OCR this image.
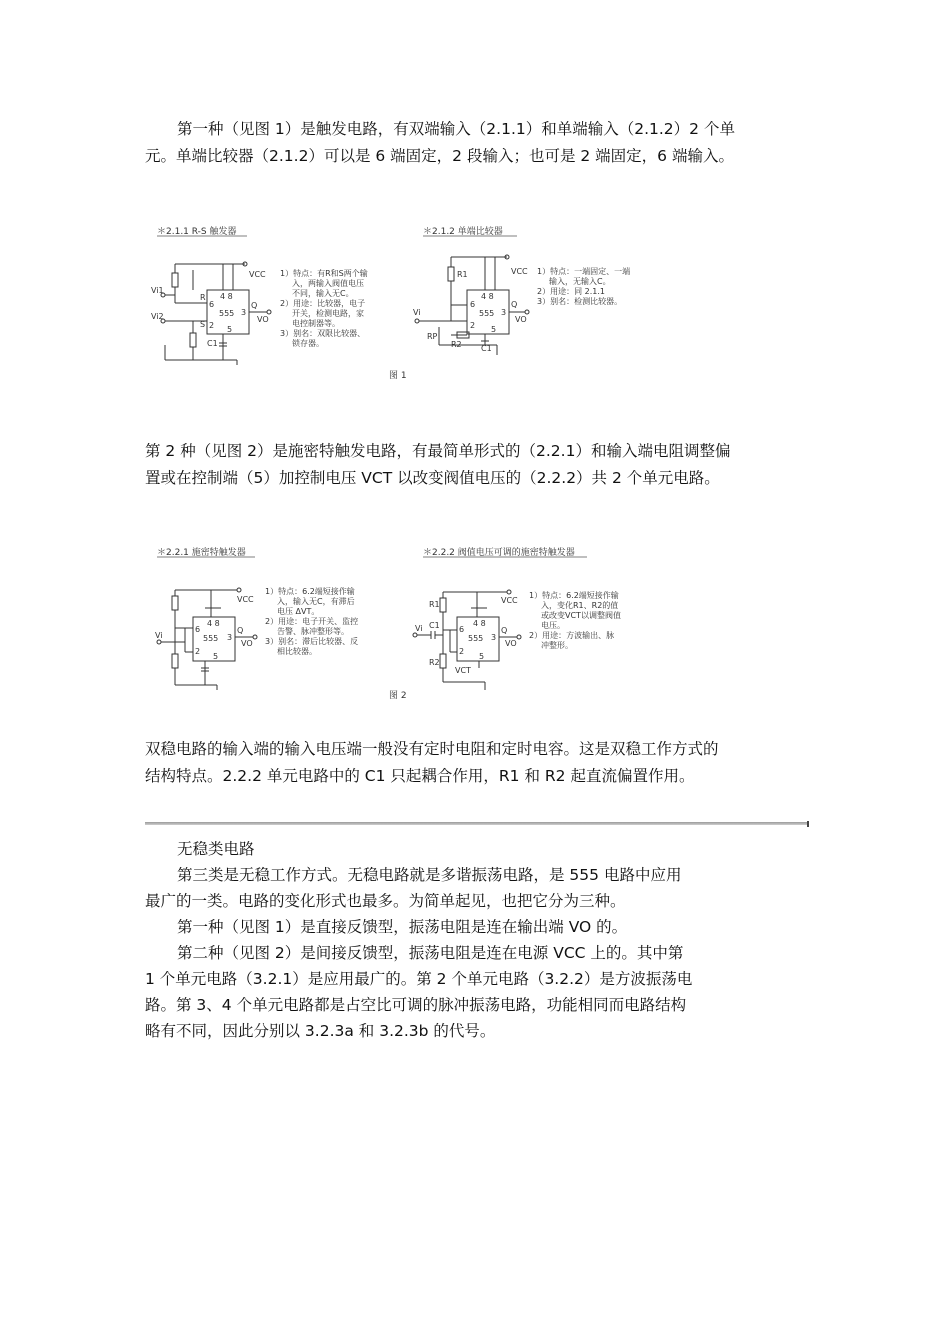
第一种（见图 1）是触发电路，有双端输入（2.1.1）和单端输入（2.1.2）2 个单
元。单端比较器（2.1.2）可以是 6 端固定，2 段输入；也可是 2 端固定，6 端输入。
＊2.1.1 R-S 触发器
VCC
Vi1
Vi2
R
S
4 8
6
2 5
3
555
Q
VO
C1
1）特点：有R和S两个输
入，两输入阀值电压
不同，输入无C。
2）用途：比较器，电子
开关，检测电路，家
电控制器等。
3）别名：双限比较器、
锁存器。
＊2.1.2 单端比较器
VCC
Vi
R1
RP
R2 C1
4 8
6
2 5
3
555
Q
VO
1）特点：一端固定、一端
输入，无输入C。
2）用途：同 2.1.1
3）别名：检测比较器。
图 1
第 2 种（见图 2）是施密特触发电路，有最简单形式的（2.2.1）和输入端电阻调整偏
置或在控制端（5）加控制电压 VCT 以改变阀值电压的（2.2.2）共 2 个单元电路。
＊2.2.1 施密特触发器
VCC
Vi
4 8
6
2
5
3
555
Q
VO
1）特点：6.2端短接作输
入，输入无C，有滞后
电压 ΔVT。
2）用途：电子开关、监控
告警、脉冲整形等。
3）别名：滞后比较器、反
相比较器。
＊2.2.2 阀值电压可调的施密特触发器
VCC
Vi
R1
C1
R2
VCT
4 8
6
2
5
3
555
Q
VO
1）特点：6.2端短接作输
入，变化R1、R2的值
或改变VCT以调整阀值
电压。
2）用途：方波输出、脉
冲整形。
图 2
双稳电路的输入端的输入电压端一般没有定时电阻和定时电容。这是双稳工作方式的
结构特点。2.2.2 单元电路中的 C1 只起耦合作用，R1 和 R2 起直流偏置作用。
无稳类电路
第三类是无稳工作方式。无稳电路就是多谐振荡电路，是 555 电路中应用
最广的一类。电路的变化形式也最多。为简单起见，也把它分为三种。
第一种（见图 1）是直接反馈型，振荡电阻是连在输出端 VO 的。
第二种（见图 2）是间接反馈型，振荡电阻是连在电源 VCC 上的。其中第
1 个单元电路（3.2.1）是应用最广的。第 2 个单元电路（3.2.2）是方波振荡电
路。第 3、4 个单元电路都是占空比可调的脉冲振荡电路，功能相同而电路结构
略有不同，因此分别以 3.2.3a 和 3.2.3b 的代号。
